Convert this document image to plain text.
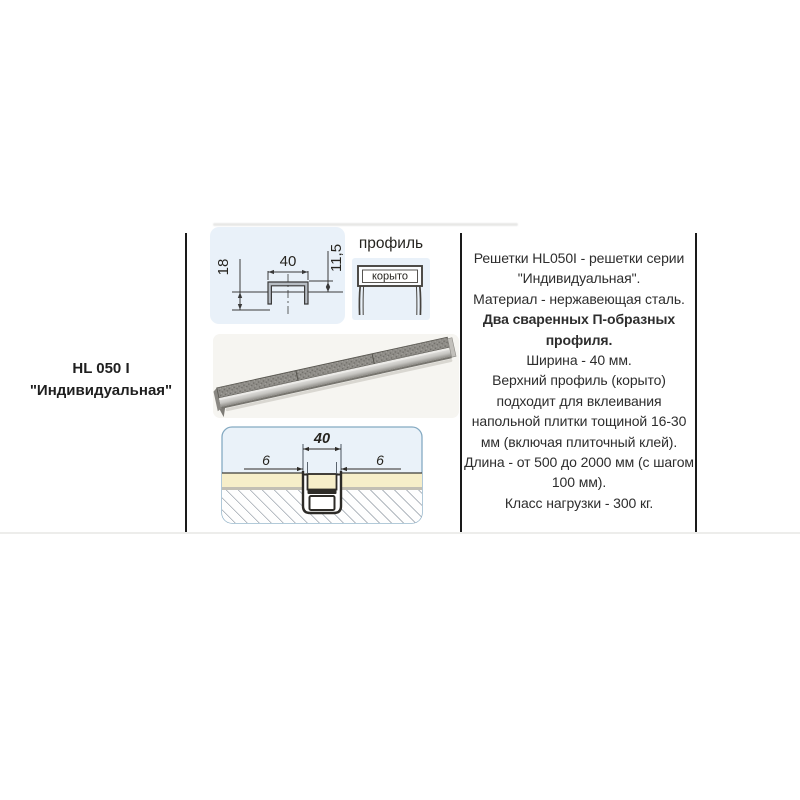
HL 050 I
"Индивидуальная"
40 11,5
18
профиль
корыто
40
6	6
Решетки HL050I - решетки серии
"Индивидуальная".
Материал - нержавеющая сталь.
Два сваренных П-образных
профиля.
Ширина - 40 мм.
Верхний профиль (корыто)
подходит для вклеивания
напольной плитки тощиной 16-30
мм (включая плиточный клей).
Длина - от 500 до 2000 мм (с шагом
100 мм).
Класс нагрузки - 300 кг.
